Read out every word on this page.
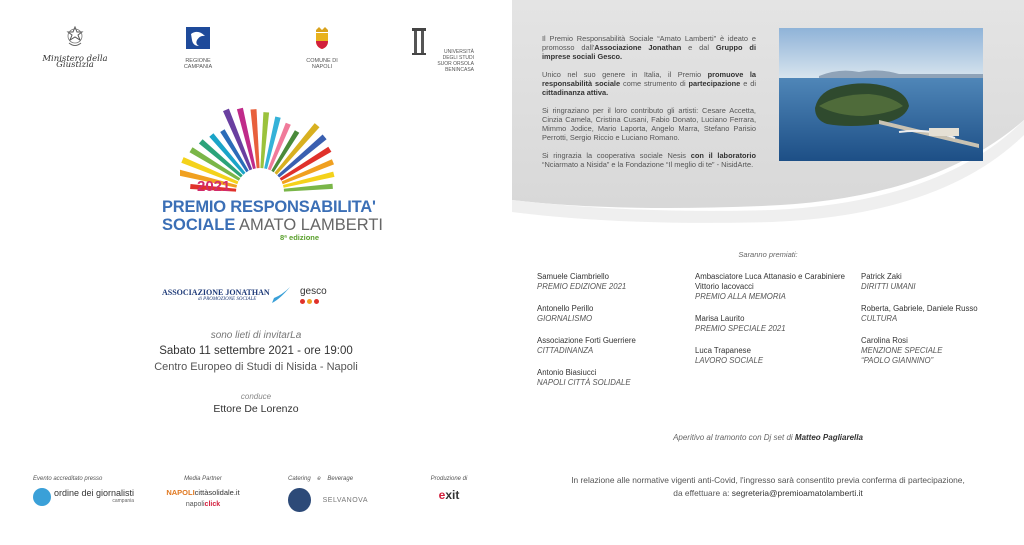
Ministero della Giustizia	REGIONE CAMPANIA
COMUNE DI NAPOLI
UNIVERSITÀ DEGLI STUDI SUOR ORSOLA BENINCASA
2021
PREMIO RESPONSABILITA'
SOCIALE AMATO LAMBERTI
8ª edizione
ASSOCIAZIONE JONATHAN
di PROMOZIONE SOCIALE
gesco
sono lieti di invitarLa
Sabato 11 settembre 2021 - ore 19:00
Centro Europeo di Studi di Nisida - Napoli
conduce
Ettore De Lorenzo
Evento accreditato presso
ordine dei giornalisti
campania
Media Partner
NAPOLIcittàsolidale.it
napoliclick
Catering    e    Beverage
SELVANOVA
Produzione di
exit

Il Premio Responsabilità Sociale “Amato Lamberti” è ideato e promosso dall'Associazione Jonathan e dal Gruppo di imprese sociali Gesco.

Unico nel suo genere in Italia, il Premio promuove la responsabilità sociale come strumento di partecipazione e di cittadinanza attiva.

Si ringraziano per il loro contributo gli artisti: Cesare Accetta, Cinzia Camela, Cristina Cusani, Fabio Donato, Luciano Ferrara, Mimmo Jodice, Mario Laporta, Angelo Marra, Stefano Parisio Perrotti, Sergio Riccio e Luciano Romano.

Si ringrazia la cooperativa sociale Nesis con il laboratorio “Nciarmato a Nisida” e la Fondazione “Il meglio di te” - NisidArte.

Saranno premiati:
Samuele Ciambriello
PREMIO EDIZIONE 2021
Antonello Perillo
GIORNALISMO
Associazione Forti Guerriere
CITTADINANZA
Antonio Biasiucci
NAPOLI CITTÀ SOLIDALE
Ambasciatore Luca Attanasio e Carabiniere Vittorio Iacovacci
PREMIO ALLA MEMORIA
Marisa Laurito
PREMIO SPECIALE 2021
Luca Trapanese
LAVORO SOCIALE
Patrick Zaki
DIRITTI UMANI
Roberta, Gabriele, Daniele Russo
CULTURA
Carolina Rosi
MENZIONE SPECIALE
“PAOLO GIANNINO”
Aperitivo al tramonto con Dj set di Matteo Pagliarella
In relazione alle normative vigenti anti-Covid, l'ingresso sarà consentito previa conferma di partecipazione,
da effettuare a: segreteria@premioamatolamberti.it
